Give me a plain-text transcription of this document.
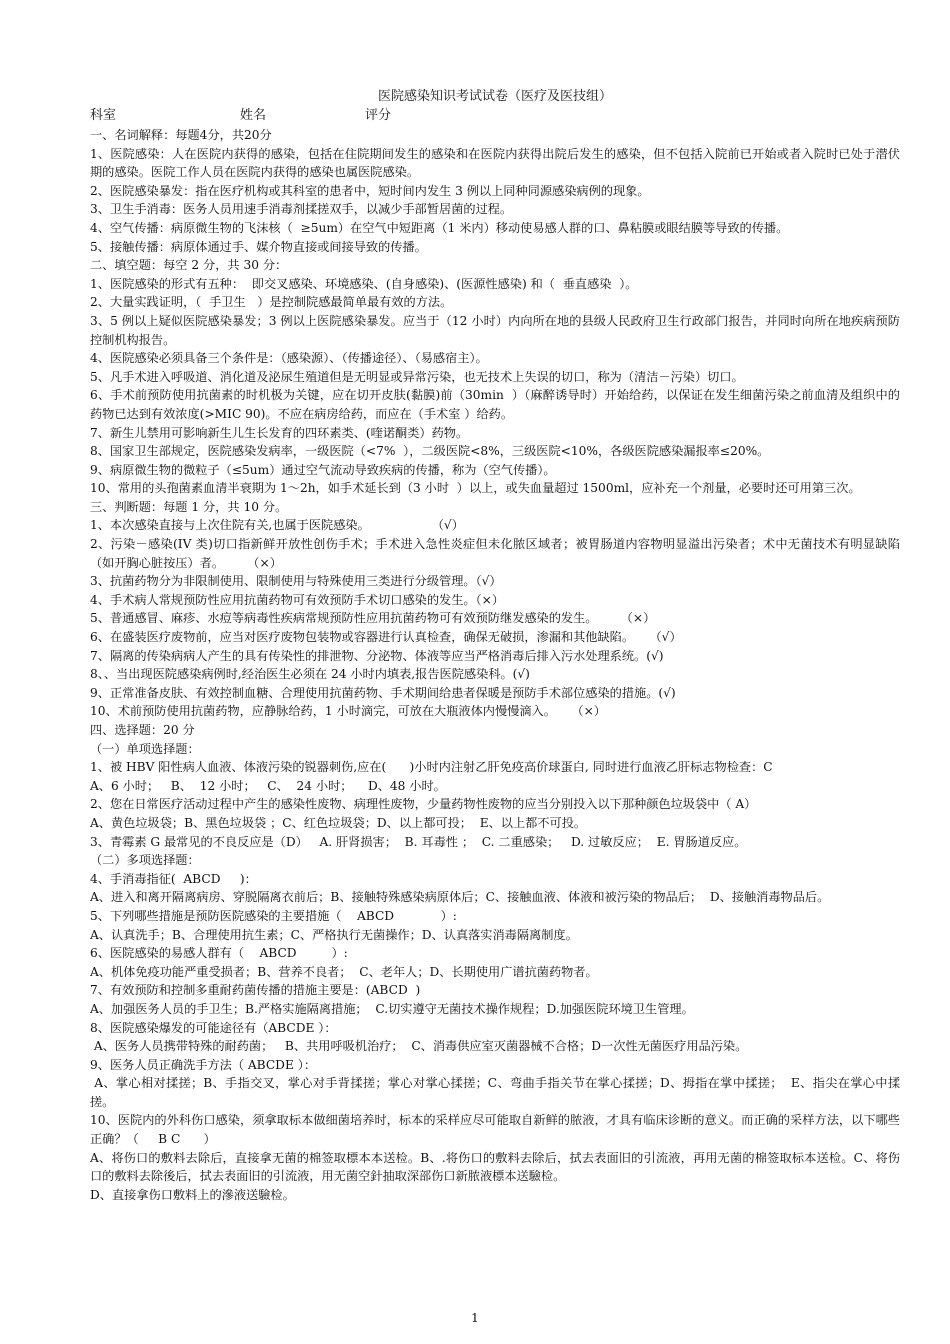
医院感染知识考试试卷（医疗及医技组）
科室	姓名	评分
一、名词解释：每题4分，共20分
1、医院感染：人在医院内获得的感染，包括在住院期间发生的感染和在医院内获得出院后发生的感染，但不包括入院前已开始或者入院时已处于潜伏期的感染。医院工作人员在医院内获得的感染也属医院感染。
2、医院感染暴发：指在医疗机构或其科室的患者中，短时间内发生 3 例以上同种同源感染病例的现象。
3、卫生手消毒：医务人员用速手消毒剂揉搓双手，以减少手部暂居菌的过程。
4、空气传播：病原微生物的飞沫核（  ≥5um）在空气中短距离（1 米内）移动使易感人群的口、鼻粘膜或眼结膜等导致的传播。
5、接触传播：病原体通过手、媒介物直接或间接导致的传播。
二、填空题：每空 2 分，共 30 分：
1、医院感染的形式有五种：  即交叉感染、环境感染、(自身感染)、(医源性感染) 和（  垂直感染  ）。
2、大量实践证明，（  手卫生   ）是控制院感最简单最有效的方法。
3、5 例以上疑似医院感染暴发；3 例以上医院感染暴发。应当于（12 小时）内向所在地的县级人民政府卫生行政部门报告，并同时向所在地疾病预防控制机构报告。
4、医院感染必须具备三个条件是：（感染源）、（传播途径）、（易感宿主）。
5、凡手术进入呼吸道、消化道及泌尿生殖道但是无明显或异常污染，也无技术上失误的切口，称为（清洁－污染）切口。
6、手术前预防使用抗菌素的时机极为关键，应在切开皮肤(黏膜)前（30min  ）（麻醉诱导时）开始给药，以保证在发生细菌污染之前血清及组织中的药物已达到有效浓度(>MIC 90)。不应在病房给药，而应在（手术室 ）给药。
7、新生儿禁用可影响新生儿生长发育的四环素类、(喹诺酮类）药物。
8、国家卫生部规定，医院感染发病率，一级医院（<7%  ），二级医院<8%，三级医院<10%，各级医院感染漏报率≤20%。
9、病原微生物的微粒子（≤5um）通过空气流动导致疾病的传播，称为（空气传播）。
10、常用的头孢菌素血清半衰期为 1～2h，如手术延长到（3 小时  ）以上，或失血量超过 1500ml，应补充一个剂量，必要时还可用第三次。
三、判断题：每题 1 分，共 10 分。
1、本次感染直接与上次住院有关,也属于医院感染。                （√）
2、污染－感染(IV 类)切口指新鲜开放性创伤手术；手术进入急性炎症但未化脓区域者；被胃肠道内容物明显溢出污染者；术中无菌技术有明显缺陷（如开胸心脏按压）者。      （×）
3、抗菌药物分为非限制使用、限制使用与特殊使用三类进行分级管理。（√）
4、手术病人常规预防性应用抗菌药物可有效预防手术切口感染的发生。（×）
5、普通感冒、麻疹、水痘等病毒性疾病常规预防性应用抗菌药物可有效预防继发感染的发生。      （×）
6、在盛装医疗废物前，应当对医疗废物包装物或容器进行认真检查，确保无破损，渗漏和其他缺陷。    （√）
7、隔离的传染病病人产生的具有传染性的排泄物、分泌物、体液等应当严格消毒后排入污水处理系统。(√)
8、、当出现医院感染病例时,经治医生必须在 24 小时内填表,报告医院感染科。(√)
9、正常准备皮肤、有效控制血糖、合理使用抗菌药物、手术期间给患者保暖是预防手术部位感染的措施。(√)
10、术前预防使用抗菌药物，应静脉给药，1 小时滴完，可放在大瓶液体内慢慢滴入。    （×）
四、选择题：20 分
（一）单项选择题：
1、被 HBV 阳性病人血液、体液污染的锐器刺伤,应在(      )小时内注射乙肝免疫高价球蛋白, 同时进行血液乙肝标志物检查：C
A、6 小时；   B、  12 小时；   C、  24 小时；    D、48 小时。
2、您在日常医疗活动过程中产生的感染性废物、病理性废物，少量药物性废物的应当分别投入以下那种颜色垃圾袋中（ A）
A、黄色垃圾袋；B、黑色垃圾袋 ；C、红色垃圾袋；D、以上都可投；  E、以上都不可投。
3、青霉素 G 最常见的不良反应是（D）   A. 肝肾损害；  B. 耳毒性 ；  C. 二重感染；   D. 过敏反应；  E. 胃肠道反应。
（二）多项选择题：
4、手消毒指征(  ABCD     )：
A、进入和离开隔离病房、穿脱隔离衣前后；B、接触特殊感染病原体后；C、接触血液、体液和被污染的物品后；  D、接触消毒物品后。
5、下列哪些措施是预防医院感染的主要措施（    ABCD            ）:
A、认真洗手；B、合理使用抗生素；C、严格执行无菌操作；D、认真落实消毒隔离制度。
6、医院感染的易感人群有（    ABCD         ）:
A、机体免疫功能严重受损者；B、营养不良者；  C、老年人；D、长期使用广谱抗菌药物者。
7、有效预防和控制多重耐药菌传播的措施主要是：(ABCD  )
A、加强医务人员的手卫生；B.严格实施隔离措施；  C.切实遵守无菌技术操作规程；D.加强医院环境卫生管理。
8、医院感染爆发的可能途径有（ABCDE ）：
A、医务人员携带特殊的耐药菌；   B、共用呼吸机治疗；  C、消毒供应室灭菌器械不合格；D一次性无菌医疗用品污染。
9、医务人员正确洗手方法（ ABCDE ）：
A、掌心相对揉搓；B、手指交叉，掌心对手背揉搓；掌心对掌心揉搓；C、弯曲手指关节在掌心揉搓；D、拇指在掌中揉搓；  E、指尖在掌心中揉搓。
10、医院内的外科伤口感染，须拿取标本做细菌培养时，标本的采样应尽可能取自新鲜的脓液，才具有临床诊断的意义。而正确的采样方法，以下哪些正确？（     B C      ）
A、将伤口的敷料去除后，直接拿无菌的棉签取標本本送检。B、.将伤口的敷料去除后，拭去表面旧的引流液，再用无菌的棉签取标本送检。C、将伤口的敷料去除後后，拭去表面旧的引流液，用无菌空針抽取深部伤口新脓液標本送驗检。
D、直接拿伤口敷料上的滲液送驗检。
1
